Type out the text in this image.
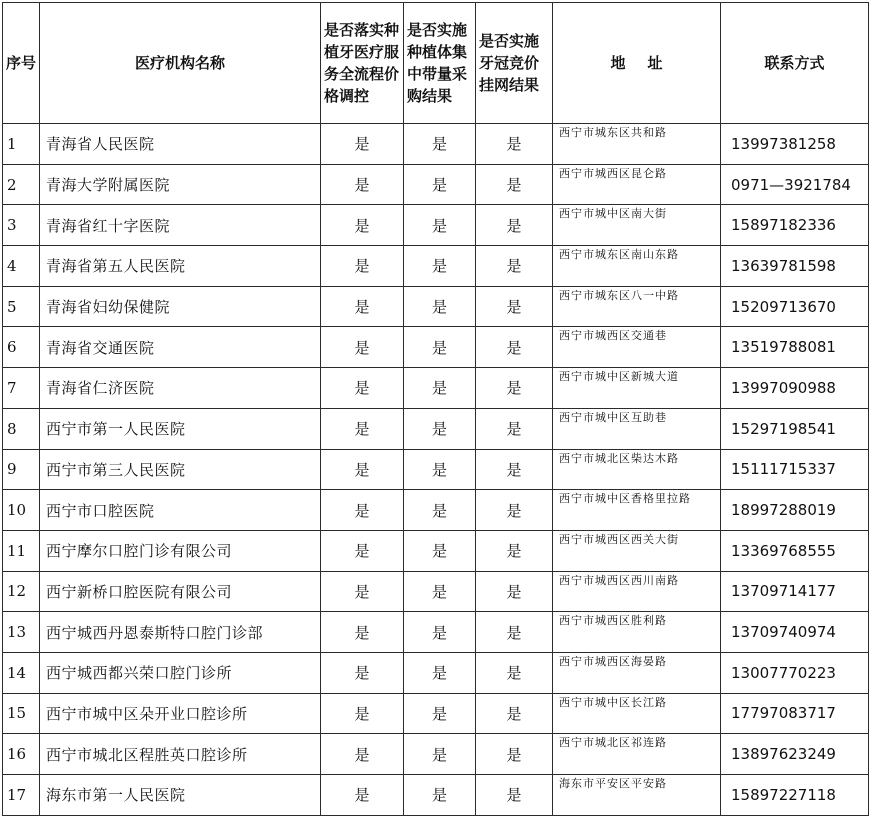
序号	医疗机构名称	是否落实种植牙医疗服务全流程价格调控	是否实施种植体集中带量采购结果	是否实施牙冠竞价挂网结果	地址	联系方式
1	青海省人民医院	是	是	是	西宁市城东区共和路	13997381258
2	青海大学附属医院	是	是	是	西宁市城西区昆仑路	0971—3921784
3	青海省红十字医院	是	是	是	西宁市城中区南大街	15897182336
4	青海省第五人民医院	是	是	是	西宁市城东区南山东路	13639781598
5	青海省妇幼保健院	是	是	是	西宁市城东区八一中路	15209713670
6	青海省交通医院	是	是	是	西宁市城西区交通巷	13519788081
7	青海省仁济医院	是	是	是	西宁市城中区新城大道	13997090988
8	西宁市第一人民医院	是	是	是	西宁市城中区互助巷	15297198541
9	西宁市第三人民医院	是	是	是	西宁市城北区柴达木路	15111715337
10	西宁市口腔医院	是	是	是	西宁市城中区香格里拉路	18997288019
11	西宁摩尔口腔门诊有限公司	是	是	是	西宁市城西区西关大街	13369768555
12	西宁新桥口腔医院有限公司	是	是	是	西宁市城西区西川南路	13709714177
13	西宁城西丹恩泰斯特口腔门诊部	是	是	是	西宁市城西区胜利路	13709740974
14	西宁城西都兴荣口腔门诊所	是	是	是	西宁市城西区海晏路	13007770223
15	西宁市城中区朵开业口腔诊所	是	是	是	西宁市城中区长江路	17797083717
16	西宁市城北区程胜英口腔诊所	是	是	是	西宁市城北区祁连路	13897623249
17	海东市第一人民医院	是	是	是	海东市平安区平安路	15897227118
